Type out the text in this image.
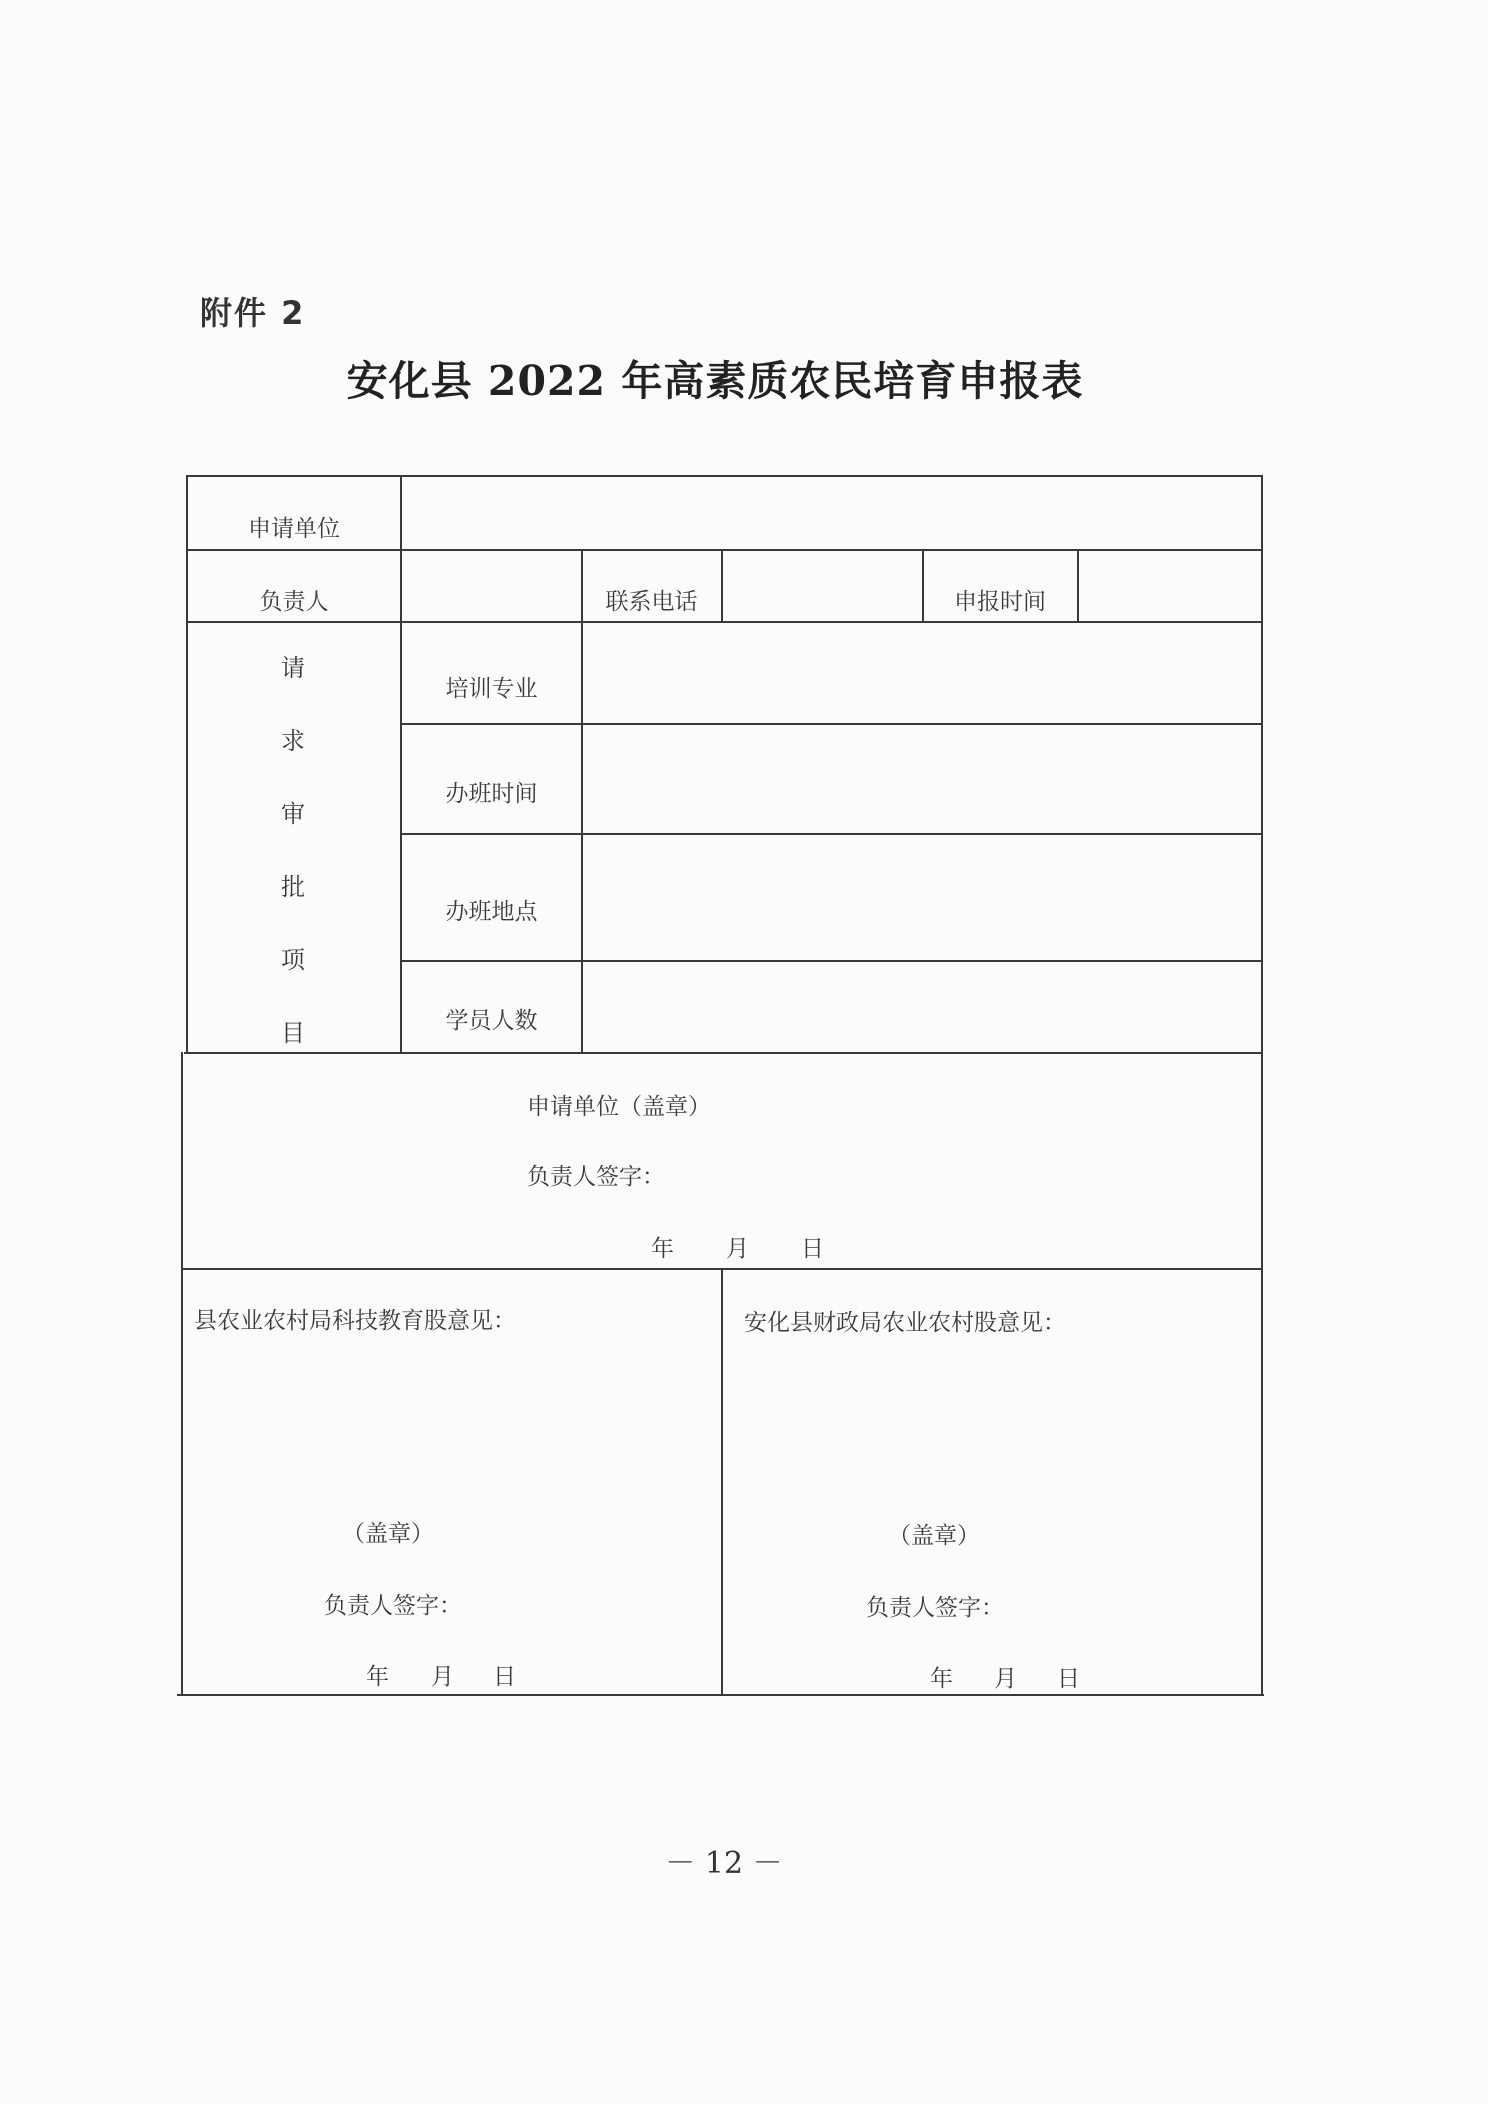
附件 2
安化县 2022 年高素质农民培育申报表
申请单位
负责人	联系电话	申报时间
请
求
审
批
项
目
培训专业
办班时间
办班地点
学员人数
申请单位（盖章）
负责人签字：
年 月 日
县农业农村局科技教育股意见：
（盖章）
负责人签字：
年 月 日
安化县财政局农业农村股意见：
（盖章）
负责人签字：
年 月 日
－ 12 －
